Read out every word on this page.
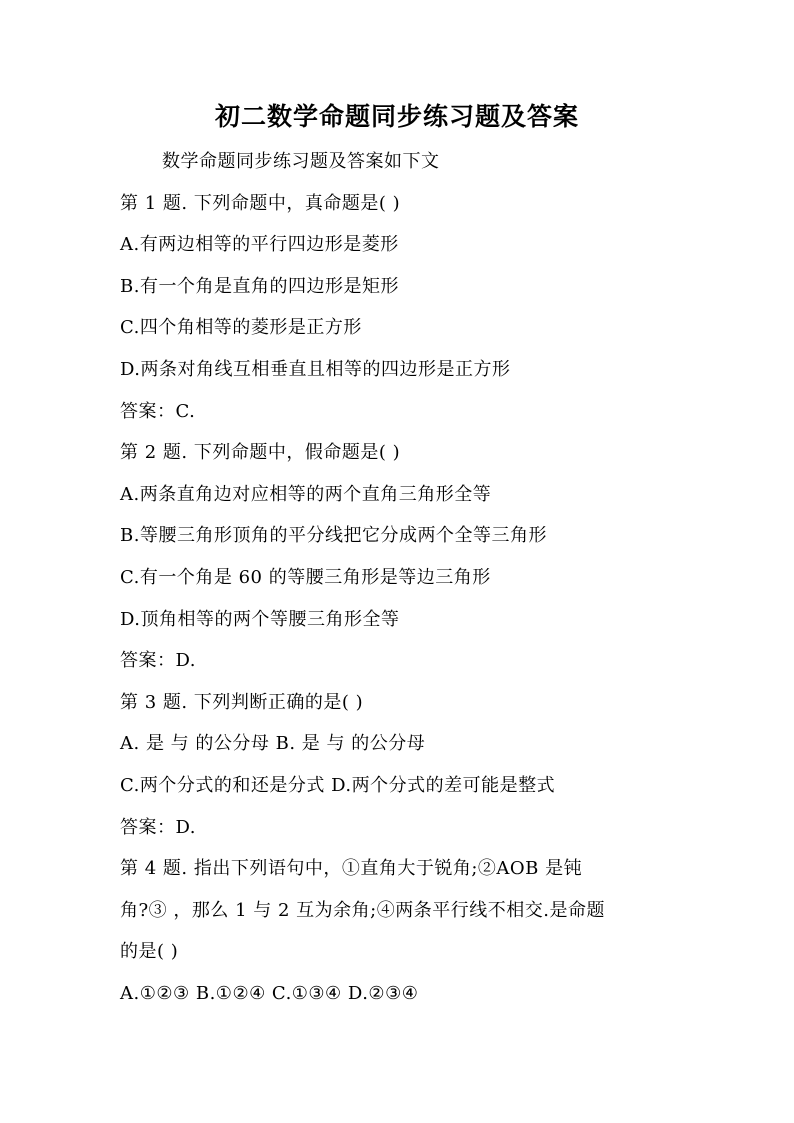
初二数学命题同步练习题及答案
数学命题同步练习题及答案如下文
第 1 题. 下列命题中，真命题是( )
A.有两边相等的平行四边形是菱形
B.有一个角是直角的四边形是矩形
C.四个角相等的菱形是正方形
D.两条对角线互相垂直且相等的四边形是正方形
答案：C.
第 2 题. 下列命题中，假命题是( )
A.两条直角边对应相等的两个直角三角形全等
B.等腰三角形顶角的平分线把它分成两个全等三角形
C.有一个角是 60 的等腰三角形是等边三角形
D.顶角相等的两个等腰三角形全等
答案：D.
第 3 题. 下列判断正确的是( )
A. 是 与 的公分母 B. 是 与 的公分母
C.两个分式的和还是分式 D.两个分式的差可能是整式
答案：D.
第 4 题. 指出下列语句中，①直角大于锐角;②AOB 是钝
角?③ ，那么 1 与 2 互为余角;④两条平行线不相交.是命题
的是( )
A.①②③ B.①②④ C.①③④ D.②③④
